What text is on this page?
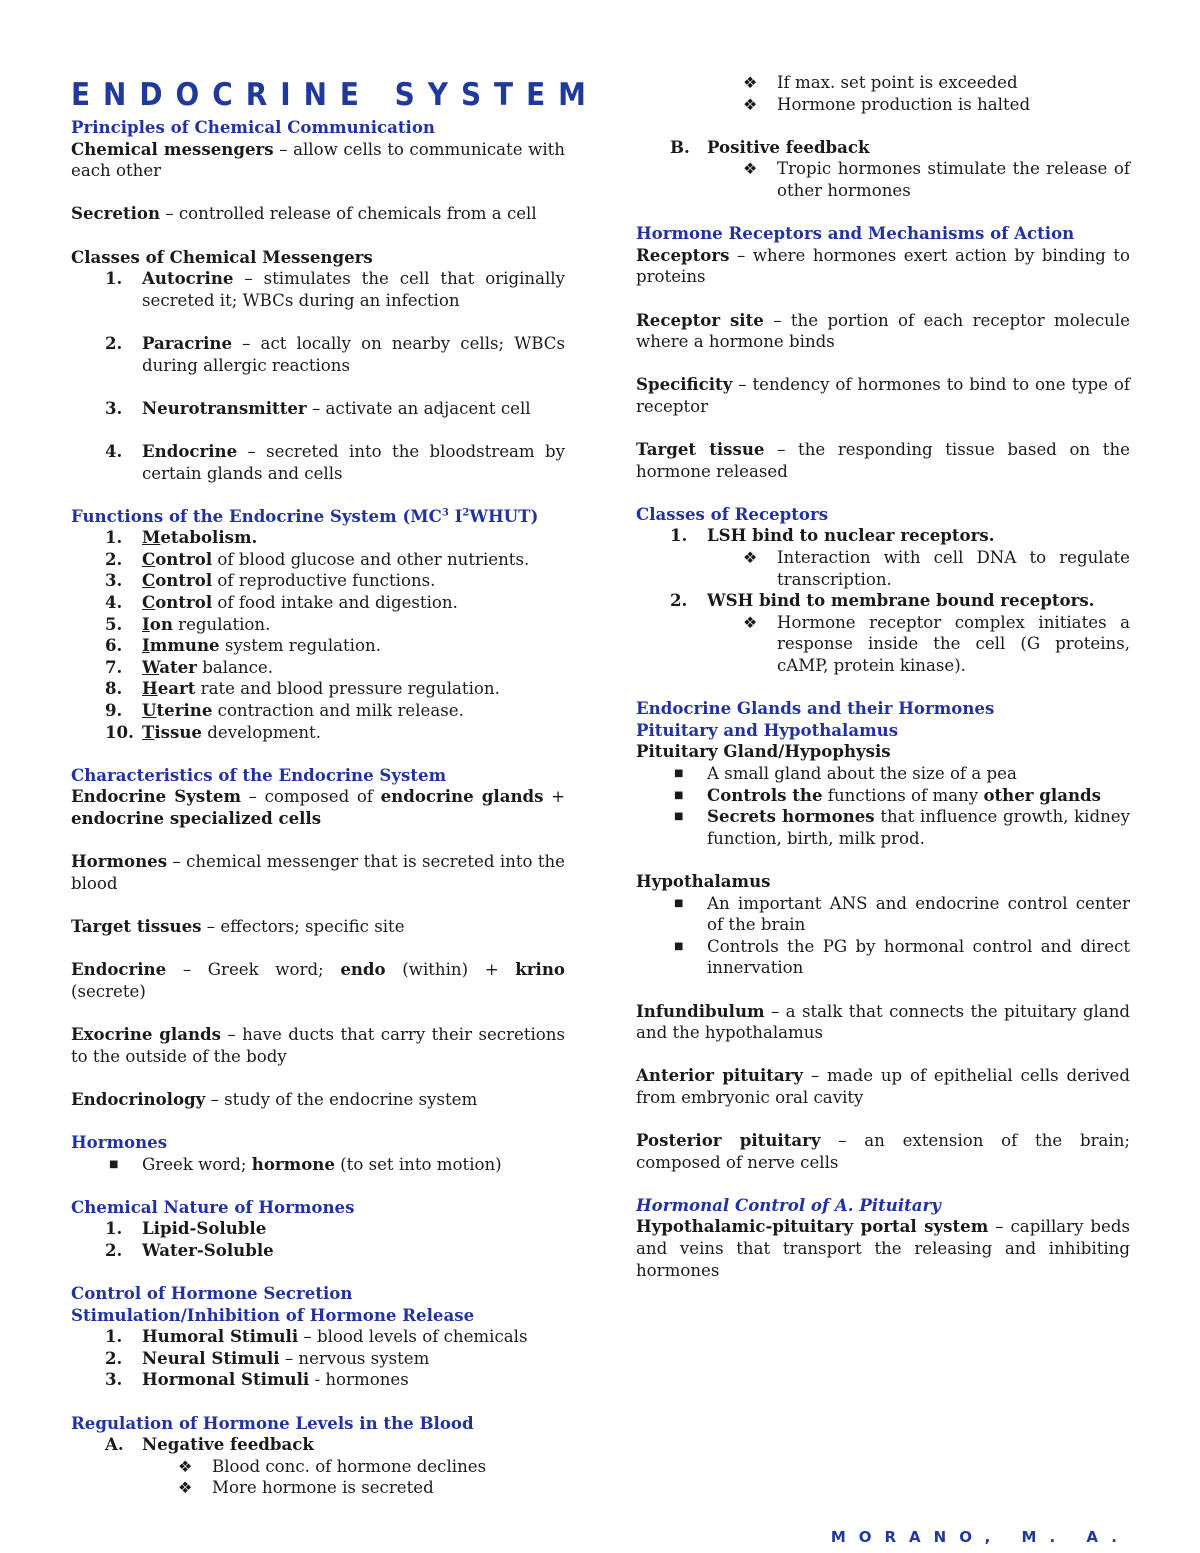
ENDOCRINE SYSTEM
Principles of Chemical Communication

Chemical messengers – allow cells to communicate with each other

Secretion – controlled release of chemicals from a cell

Classes of Chemical Messengers
1. Autocrine – stimulates the cell that originally secreted it; WBCs during an infection
2. Paracrine – act locally on nearby cells; WBCs during allergic reactions
3. Neurotransmitter – activate an adjacent cell
4. Endocrine – secreted into the bloodstream by certain glands and cells
Functions of the Endocrine System ($MC^3$ $I^2WHUT$)
1. Metabolism.
2. Control of blood glucose and other nutrients.
3. Control of reproductive functions.
4. Control of food intake and digestion.
5. Ion regulation.
6. Immune system regulation.
7. Water balance.
8. Heart rate and blood pressure regulation.
9. Uterine contraction and milk release.
10. Tissue development.
Characteristics of the Endocrine System

Endocrine System – composed of endocrine glands + endocrine specialized cells

Hormones – chemical messenger that is secreted into the blood

Target tissues – effectors; specific site

Endocrine – Greek word; endo (within) + krino (secrete)

Exocrine glands – have ducts that carry their secretions to the outside of the body

Endocrinology – study of the endocrine system

Hormones
■ Greek word; hormone (to set into motion)
Chemical Nature of Hormones
1. Lipid-Soluble
2. Water-Soluble
Control of Hormone Secretion
Stimulation/Inhibition of Hormone Release
1. Humoral Stimuli – blood levels of chemicals
2. Neural Stimuli – nervous system
3. Hormonal Stimuli - hormones
Regulation of Hormone Levels in the Blood
A. Negative feedback
❖ Blood conc. of hormone declines
❖ More hormone is secreted
❖ If max. set point is exceeded
❖ Hormone production is halted
B. Positive feedback
❖ Tropic hormones stimulate the release of other hormones
Hormone Receptors and Mechanisms of Action

Receptors – where hormones exert action by binding to proteins

Receptor site – the portion of each receptor molecule where a hormone binds

Specificity – tendency of hormones to bind to one type of receptor

Target tissue – the responding tissue based on the hormone released

Classes of Receptors
1. LSH bind to nuclear receptors.
❖ Interaction with cell DNA to regulate transcription.
2. WSH bind to membrane bound receptors.
❖ Hormone receptor complex initiates a response inside the cell (G proteins, cAMP, protein kinase).
Endocrine Glands and their Hormones
Pituitary and Hypothalamus
Pituitary Gland/Hypophysis
■ A small gland about the size of a pea
■ Controls the functions of many other glands
■ Secrets hormones that influence growth, kidney function, birth, milk prod.
Hypothalamus
■ An important ANS and endocrine control center of the brain
■ Controls the PG by hormonal control and direct innervation

Infundibulum – a stalk that connects the pituitary gland and the hypothalamus

Anterior pituitary – made up of epithelial cells derived from embryonic oral cavity

Posterior pituitary – an extension of the brain; composed of nerve cells

Hormonal Control of A. Pituitary

Hypothalamic-pituitary portal system – capillary beds and veins that transport the releasing and inhibiting hormones

MORANO, M. A.
